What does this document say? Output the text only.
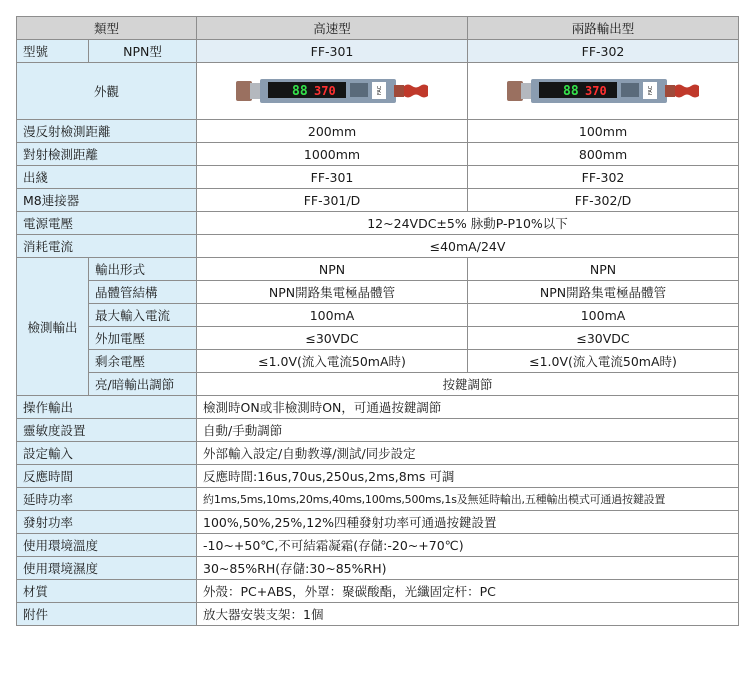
類型		高速型	兩路輸出型
型號	NPN型	FF-301	FF-302
外觀		88 370 FAC	88 370 FAC

漫反射檢測距離		200mm	100mm
對射檢測距離		1000mm	800mm
出綫		FF-301	FF-302
M8連接器		FF-301/D	FF-302/D
電源電壓		12~24VDC±5% 脉動P-P10%以下	
消耗電流		≤40mA/24V	
檢測輸出	輸出形式	NPN	NPN
	晶體管結構	NPN開路集電極晶體管	NPN開路集電極晶體管
	最大輸入電流	100mA	100mA
	外加電壓	≤30VDC	≤30VDC
	剩余電壓	≤1.0V(流入電流50mA時)	≤1.0V(流入電流50mA時)
	亮/暗輸出調節	按鍵調節	
操作輸出		檢測時ON或非檢測時ON，可通過按鍵調節	
靈敏度設置		自動/手動調節	
設定輸入		外部輸入設定/自動教導/測試/同步設定	
反應時間		反應時間:16us,70us,250us,2ms,8ms 可調	
延時功率		約1ms,5ms,10ms,20ms,40ms,100ms,500ms,1s及無延時輸出,五種輸出模式可通過按鍵設置	
發射功率		100%,50%,25%,12%四種發射功率可通過按鍵設置	
使用環境溫度		-10~+50℃,不可結霜凝霜(存儲:-20~+70℃)	
使用環境濕度		30~85%RH(存儲:30~85%RH)	
材質		外殼：PC+ABS，外罩：聚碳酸酯，光纖固定杆：PC	
附件		放大器安裝支架：1個	
